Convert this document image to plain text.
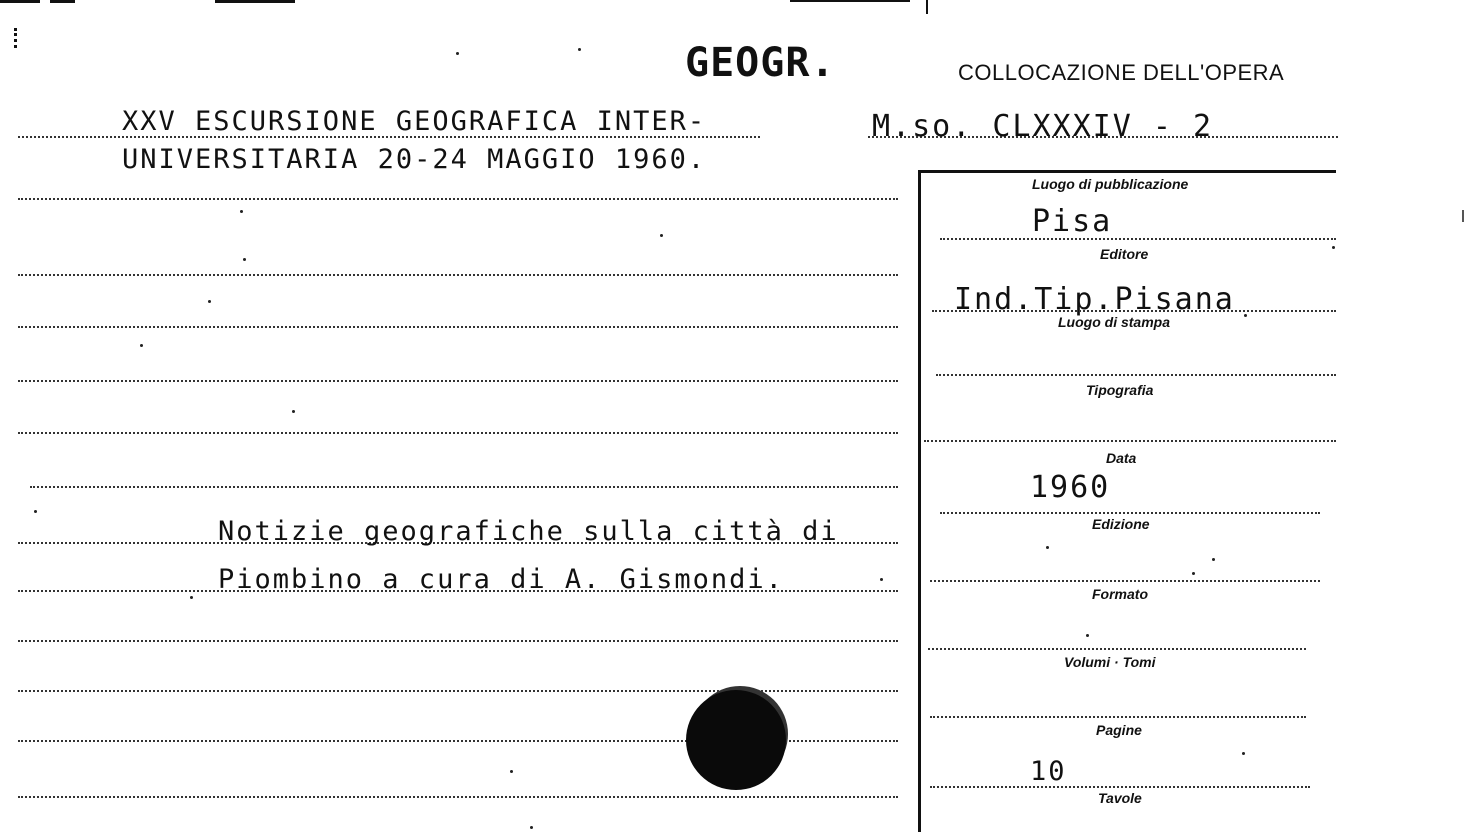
GEOGR.	COLLOCAZIONE DELL'OPERA
XXV ESCURSIONE GEOGRAFICA INTER-	M.so. CLXXXIV - 2
UNIVERSITARIA 20-24 MAGGIO 1960.
Notizie geografiche sulla città di
Piombino a cura di A. Gismondi.
Luogo di pubblicazione
Pisa
Editore
Ind.Tip.Pisana
Luogo di stampa
Tipografia
Data
1960
Edizione
Formato
Volumi · Tomi
Pagine
10
Tavole
